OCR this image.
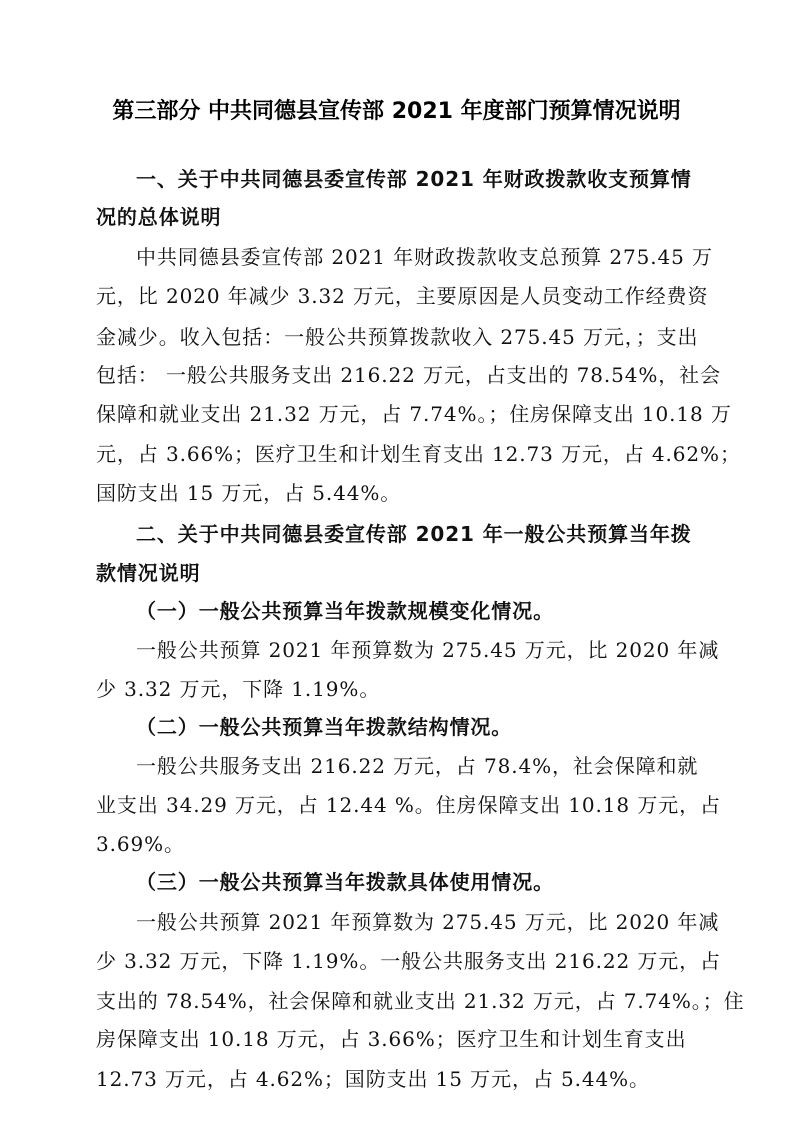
第三部分 中共同德县宣传部 2021 年度部门预算情况说明
一、关于中共同德县委宣传部 2021 年财政拨款收支预算情
况的总体说明
中共同德县委宣传部 2021 年财政拨款收支总预算 275.45 万
元，比 2020 年减少 3.32 万元，主要原因是人员变动工作经费资
金减少。收入包括：一般公共预算拨款收入 275.45 万元，；支出
包括： 一般公共服务支出 216.22 万元，占支出的 78.54%，社会
保障和就业支出 21.32 万元，占 7.74%。；住房保障支出 10.18 万
元，占 3.66%；医疗卫生和计划生育支出 12.73 万元，占 4.62%；
国防支出 15 万元，占 5.44%。
二、关于中共同德县委宣传部 2021 年一般公共预算当年拨
款情况说明
（一）一般公共预算当年拨款规模变化情况。
一般公共预算 2021 年预算数为 275.45 万元，比 2020 年减
少 3.32 万元，下降 1.19%。
（二）一般公共预算当年拨款结构情况。
一般公共服务支出 216.22 万元，占 78.4%，社会保障和就
业支出 34.29 万元，占 12.44 %。住房保障支出 10.18 万元，占
3.69%。
（三）一般公共预算当年拨款具体使用情况。
一般公共预算 2021 年预算数为 275.45 万元，比 2020 年减
少 3.32 万元，下降 1.19%。一般公共服务支出 216.22 万元，占
支出的 78.54%，社会保障和就业支出 21.32 万元，占 7.74%。；住
房保障支出 10.18 万元，占 3.66%；医疗卫生和计划生育支出
12.73 万元，占 4.62%；国防支出 15 万元，占 5.44%。
